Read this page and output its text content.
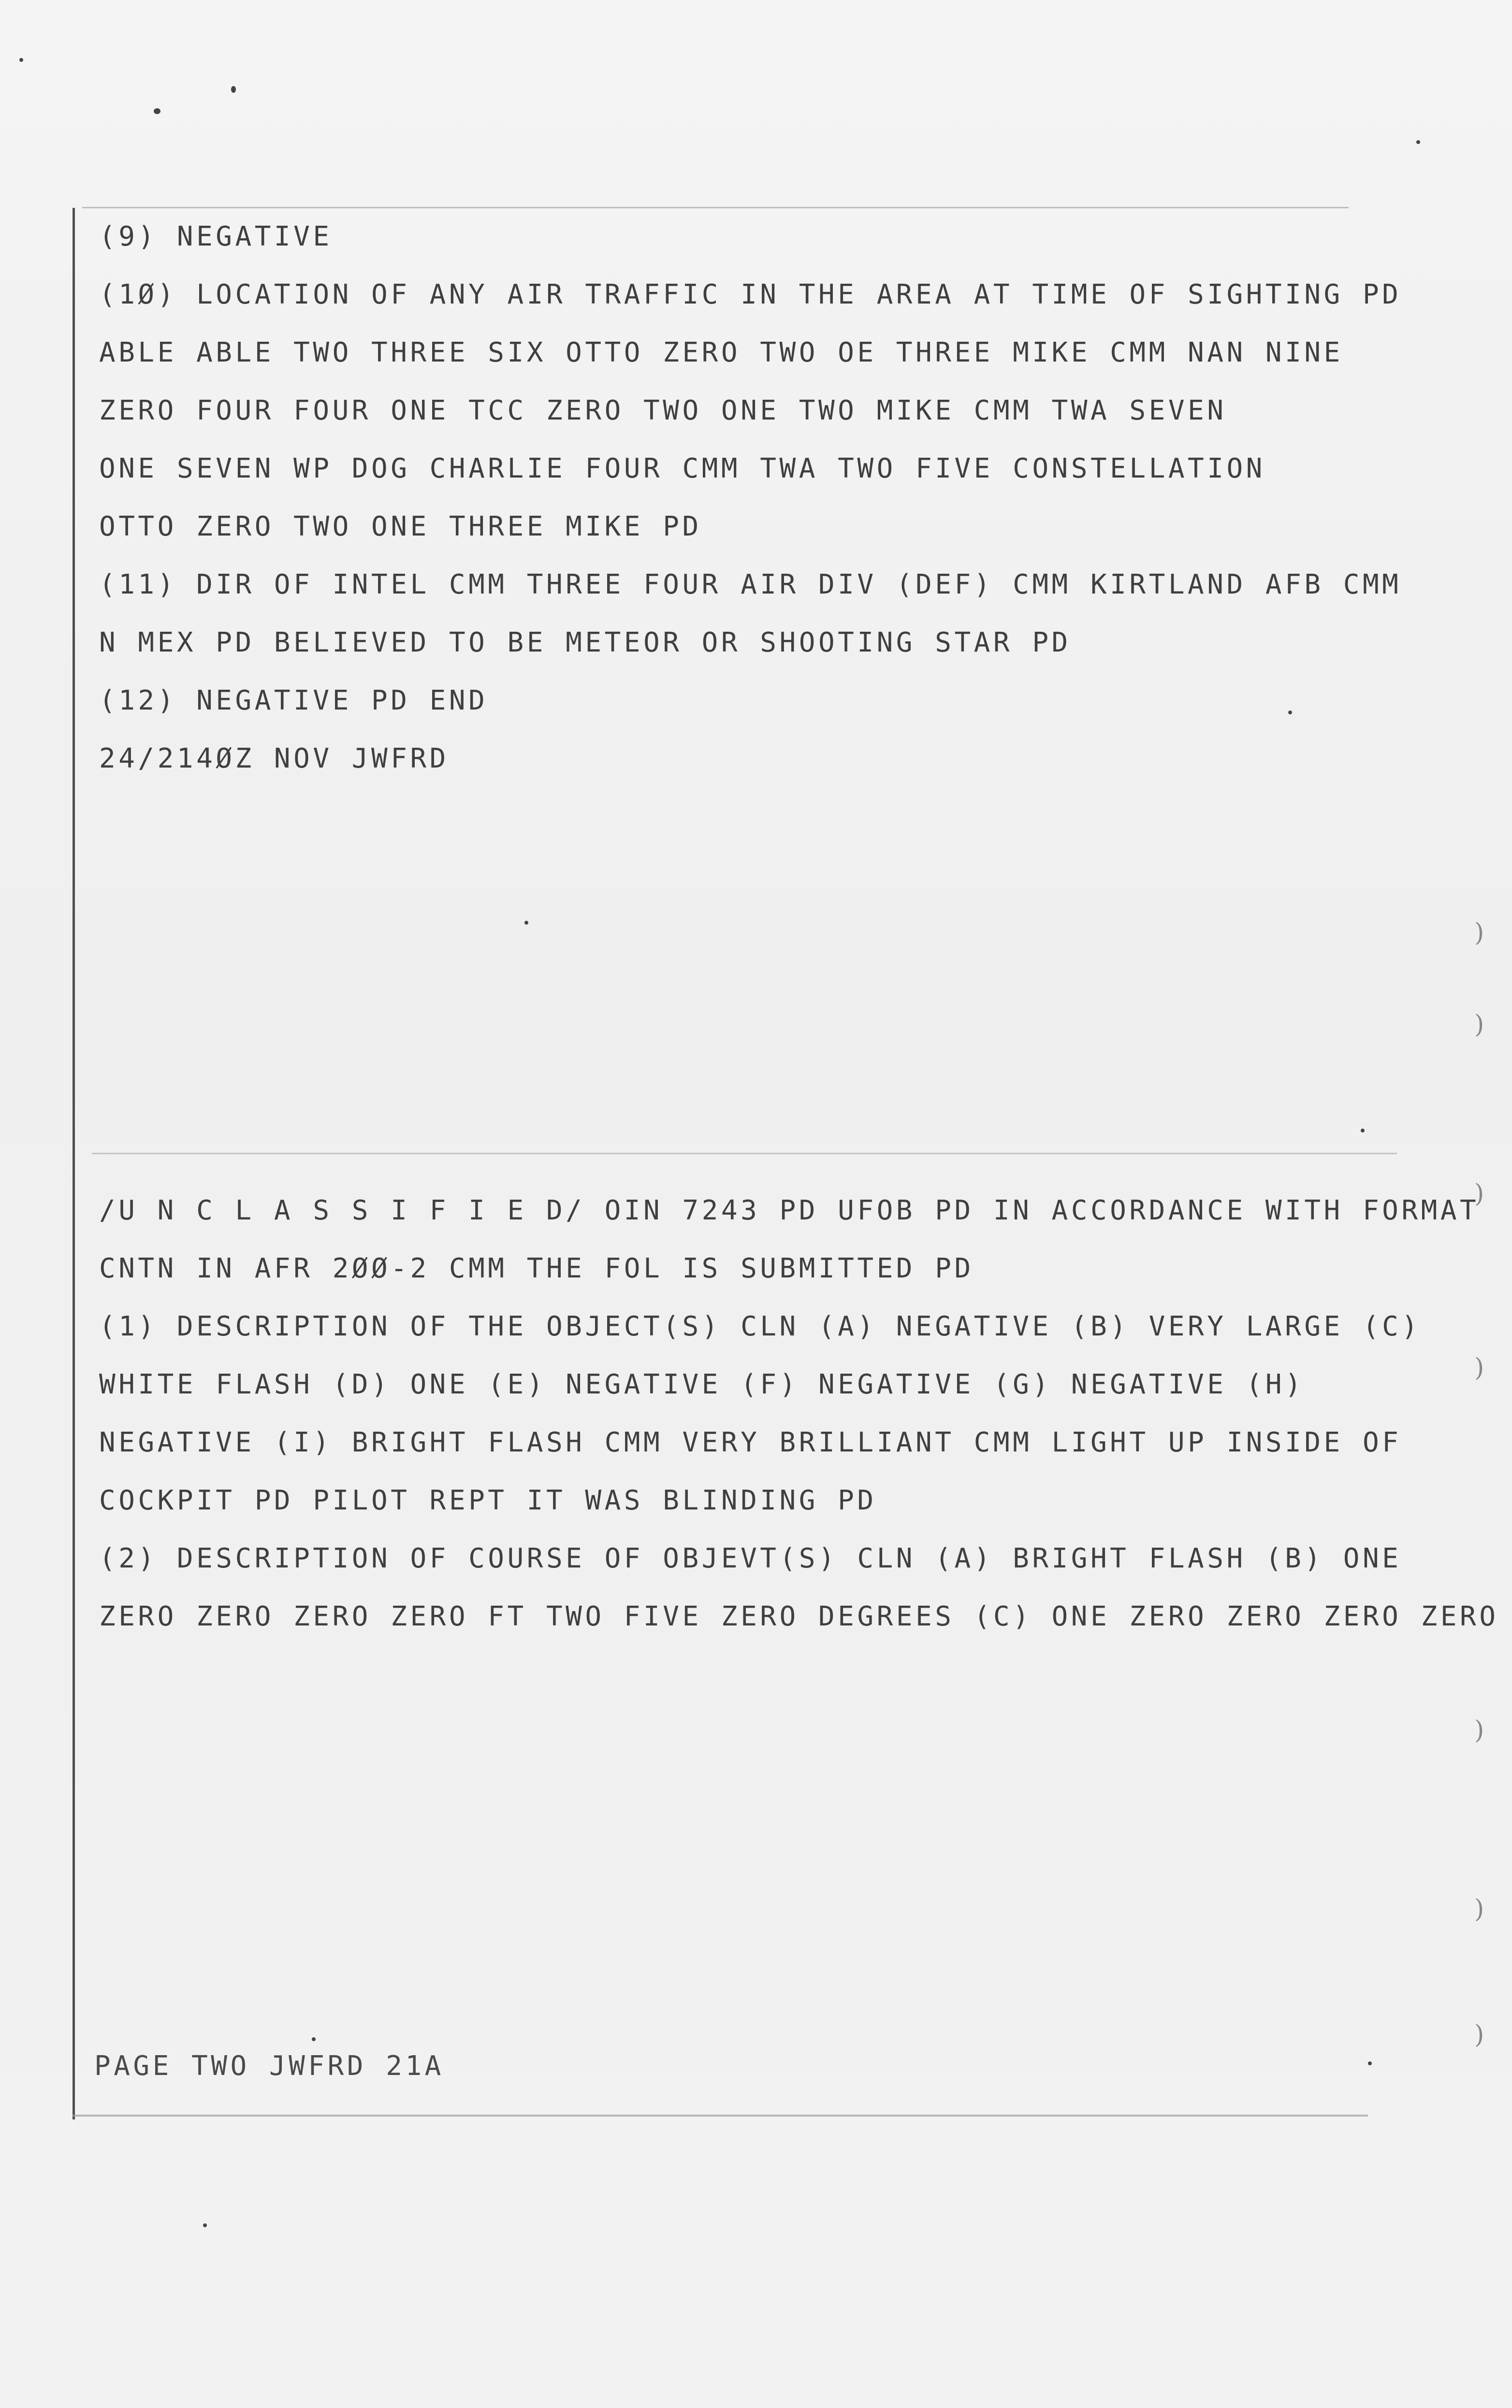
(9) NEGATIVE
(1Ø) LOCATION OF ANY AIR TRAFFIC IN THE AREA AT TIME OF SIGHTING PD
ABLE ABLE TWO THREE SIX OTTO ZERO TWO OE THREE MIKE CMM NAN NINE
ZERO FOUR FOUR ONE TCC ZERO TWO ONE TWO MIKE CMM TWA SEVEN
ONE SEVEN WP DOG CHARLIE FOUR CMM TWA TWO FIVE CONSTELLATION
OTTO ZERO TWO ONE THREE MIKE PD
(11) DIR OF INTEL CMM THREE FOUR AIR DIV (DEF) CMM KIRTLAND AFB CMM
N MEX PD BELIEVED TO BE METEOR OR SHOOTING STAR PD
(12) NEGATIVE PD END
24/214ØZ NOV JWFRD
/U N C L A S S I F I E D/ OIN 7243 PD UFOB PD IN ACCORDANCE WITH FORMAT
CNTN IN AFR 2ØØ-2 CMM THE FOL IS SUBMITTED PD
(1) DESCRIPTION OF THE OBJECT(S) CLN (A) NEGATIVE (B) VERY LARGE (C)
WHITE FLASH (D) ONE (E) NEGATIVE (F) NEGATIVE (G) NEGATIVE (H)
NEGATIVE (I) BRIGHT FLASH CMM VERY BRILLIANT CMM LIGHT UP INSIDE OF
COCKPIT PD PILOT REPT IT WAS BLINDING PD
(2) DESCRIPTION OF COURSE OF OBJEVT(S) CLN (A) BRIGHT FLASH (B) ONE
ZERO ZERO ZERO ZERO FT TWO FIVE ZERO DEGREES (C) ONE ZERO ZERO ZERO ZERO
PAGE TWO JWFRD 21A
)
)
)
)
)
)
)
